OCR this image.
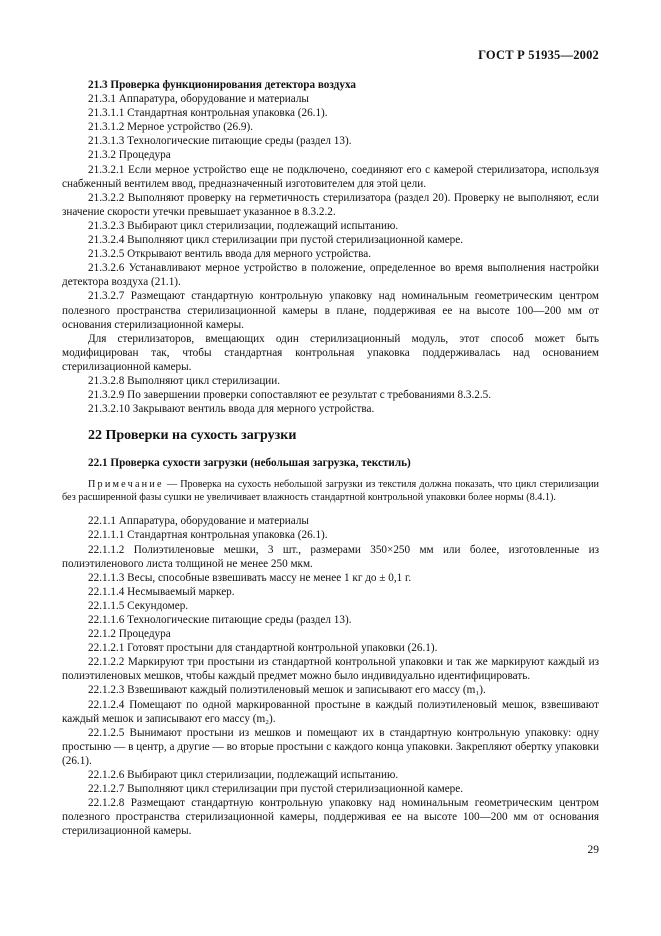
ГОСТ Р 51935—2002
21.3 Проверка функционирования детектора воздуха

21.3.1 Аппаратура, оборудование и материалы

21.3.1.1 Стандартная контрольная упаковка (26.1).

21.3.1.2 Мерное устройство (26.9).

21.3.1.3 Технологические питающие среды (раздел 13).

21.3.2 Процедура

21.3.2.1 Если мерное устройство еще не подключено, соединяют его с камерой стерилизатора, используя снабженный вентилем ввод, предназначенный изготовителем для этой цели.

21.3.2.2 Выполняют проверку на герметичность стерилизатора (раздел 20). Проверку не выполняют, если значение скорости утечки превышает указанное в 8.3.2.2.

21.3.2.3 Выбирают цикл стерилизации, подлежащий испытанию.

21.3.2.4 Выполняют цикл стерилизации при пустой стерилизационной камере.

21.3.2.5 Открывают вентиль ввода для мерного устройства.

21.3.2.6 Устанавливают мерное устройство в положение, определенное во время выполнения настройки детектора воздуха (21.1).

21.3.2.7 Размещают стандартную контрольную упаковку над номинальным геометрическим центром полезного пространства стерилизационной камеры в плане, поддерживая ее на высоте 100—200 мм от основания стерилизационной камеры.

Для стерилизаторов, вмещающих один стерилизационный модуль, этот способ может быть модифицирован так, чтобы стандартная контрольная упаковка поддерживалась над основанием стерилизационной камеры.

21.3.2.8 Выполняют цикл стерилизации.

21.3.2.9 По завершении проверки сопоставляют ее результат с требованиями 8.3.2.5.

21.3.2.10 Закрывают вентиль ввода для мерного устройства.

22 Проверки на сухость загрузки
22.1 Проверка сухости загрузки (небольшая загрузка, текстиль)

Примечание — Проверка на сухость небольшой загрузки из текстиля должна показать, что цикл стерилизации без расширенной фазы сушки не увеличивает влажность стандартной контрольной упаковки более нормы (8.4.1).

22.1.1 Аппаратура, оборудование и материалы

22.1.1.1 Стандартная контрольная упаковка (26.1).

22.1.1.2 Полиэтиленовые мешки, 3 шт., размерами 350×250 мм или более, изготовленные из полиэтиленового листа толщиной не менее 250 мкм.

22.1.1.3 Весы, способные взвешивать массу не менее 1 кг до ± 0,1 г.

22.1.1.4 Несмываемый маркер.

22.1.1.5 Секундомер.

22.1.1.6 Технологические питающие среды (раздел 13).

22.1.2 Процедура

22.1.2.1 Готовят простыни для стандартной контрольной упаковки (26.1).

22.1.2.2 Маркируют три простыни из стандартной контрольной упаковки и так же маркируют каждый из полиэтиленовых мешков, чтобы каждый предмет можно было индивидуально идентифицировать.

22.1.2.3 Взвешивают каждый полиэтиленовый мешок и записывают его массу (m₁).

22.1.2.4 Помещают по одной маркированной простыне в каждый полиэтиленовый мешок, взвешивают каждый мешок и записывают его массу (m₂).

22.1.2.5 Вынимают простыни из мешков и помещают их в стандартную контрольную упаковку: одну простыню — в центр, а другие — во вторые простыни с каждого конца упаковки. Закрепляют обертку упаковки (26.1).

22.1.2.6 Выбирают цикл стерилизации, подлежащий испытанию.

22.1.2.7 Выполняют цикл стерилизации при пустой стерилизационной камере.

22.1.2.8 Размещают стандартную контрольную упаковку над номинальным геометрическим центром полезного пространства стерилизационной камеры, поддерживая ее на высоте 100—200 мм от основания стерилизационной камеры.

29
